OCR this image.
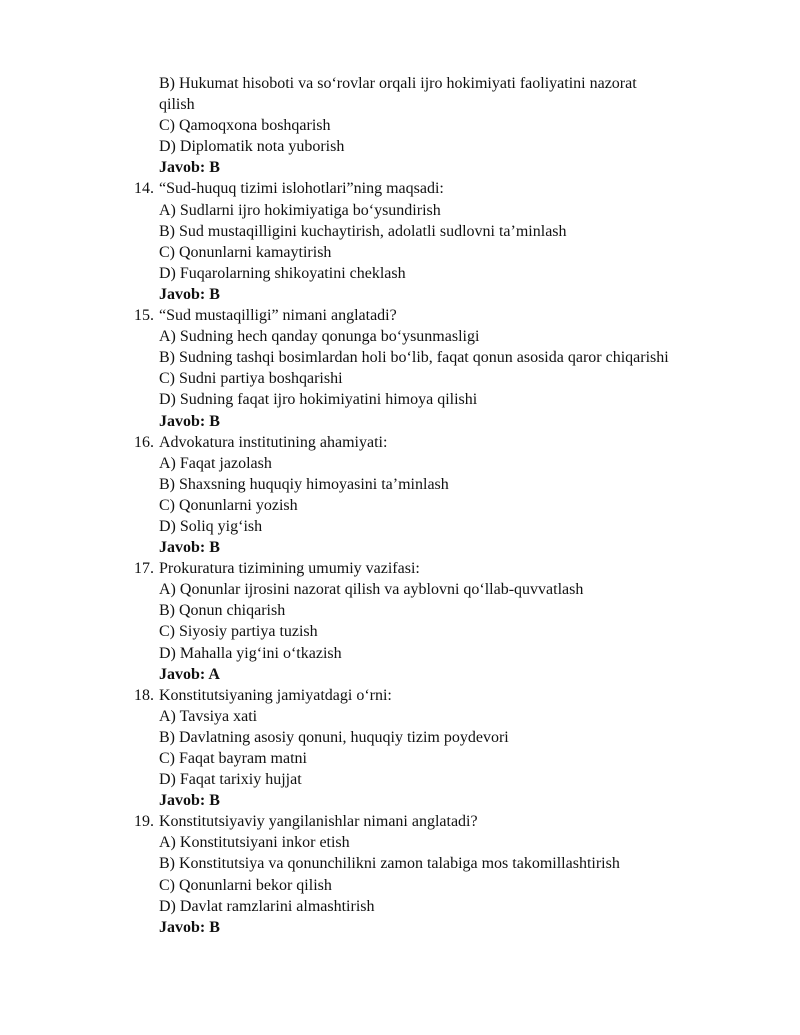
B) Hukumat hisoboti va so‘rovlar orqali ijro hokimiyati faoliyatini nazorat
qilish
C) Qamoqxona boshqarish
D) Diplomatik nota yuborish
Javob: B
14. “Sud-huquq tizimi islohotlari”ning maqsadi:
A) Sudlarni ijro hokimiyatiga bo‘ysundirish
B) Sud mustaqilligini kuchaytirish, adolatli sudlovni ta’minlash
C) Qonunlarni kamaytirish
D) Fuqarolarning shikoyatini cheklash
Javob: B
15. “Sud mustaqilligi” nimani anglatadi?
A) Sudning hech qanday qonunga bo‘ysunmasligi
B) Sudning tashqi bosimlardan holi bo‘lib, faqat qonun asosida qaror chiqarishi
C) Sudni partiya boshqarishi
D) Sudning faqat ijro hokimiyatini himoya qilishi
Javob: B
16. Advokatura institutining ahamiyati:
A) Faqat jazolash
B) Shaxsning huquqiy himoyasini ta’minlash
C) Qonunlarni yozish
D) Soliq yig‘ish
Javob: B
17. Prokuratura tizimining umumiy vazifasi:
A) Qonunlar ijrosini nazorat qilish va ayblovni qo‘llab-quvvatlash
B) Qonun chiqarish
C) Siyosiy partiya tuzish
D) Mahalla yig‘ini o‘tkazish
Javob: A
18. Konstitutsiyaning jamiyatdagi o‘rni:
A) Tavsiya xati
B) Davlatning asosiy qonuni, huquqiy tizim poydevori
C) Faqat bayram matni
D) Faqat tarixiy hujjat
Javob: B
19. Konstitutsiyaviy yangilanishlar nimani anglatadi?
A) Konstitutsiyani inkor etish
B) Konstitutsiya va qonunchilikni zamon talabiga mos takomillashtirish
C) Qonunlarni bekor qilish
D) Davlat ramzlarini almashtirish
Javob: B
